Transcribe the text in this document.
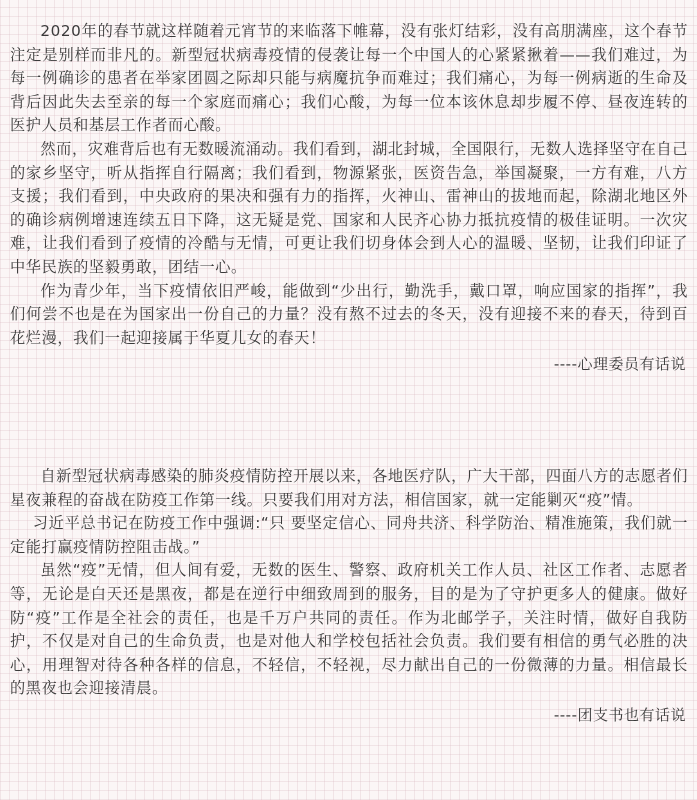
2020年的春节就这样随着元宵节的来临落下帷幕，没有张灯结彩，没有高朋满座，这个春节注定是别样而非凡的。新型冠状病毒疫情的侵袭让每一个中国人的心紧紧揪着——我们难过，为每一例确诊的患者在举家团圆之际却只能与病魔抗争而难过；我们痛心，为每一例病逝的生命及背后因此失去至亲的每一个家庭而痛心；我们心酸，为每一位本该休息却步履不停、昼夜连转的医护人员和基层工作者而心酸。

然而，灾难背后也有无数暖流涌动。我们看到，湖北封城，全国限行，无数人选择坚守在自己的家乡坚守，听从指挥自行隔离；我们看到，物源紧张，医资告急，举国凝聚，一方有难，八方支援；我们看到，中央政府的果决和强有力的指挥，火神山、雷神山的拔地而起，除湖北地区外的确诊病例增速连续五日下降，这无疑是党、国家和人民齐心协力抵抗疫情的极佳证明。一次灾难，让我们看到了疫情的冷酷与无情，可更让我们切身体会到人心的温暖、坚韧，让我们印证了中华民族的坚毅勇敢，团结一心。

作为青少年，当下疫情依旧严峻，能做到“少出行，勤洗手，戴口罩，响应国家的指挥”，我们何尝不也是在为国家出一份自己的力量？没有熬不过去的冬天，没有迎接不来的春天，待到百花烂漫，我们一起迎接属于华夏儿女的春天！

----心理委员有话说

自新型冠状病毒感染的肺炎疫情防控开展以来，各地医疗队，广大干部，四面八方的志愿者们星夜兼程的奋战在防疫工作第一线。只要我们用对方法，相信国家，就一定能剿灭“疫”情。

习近平总书记在防疫工作中强调:“只 要坚定信心、同舟共济、科学防治、精准施策，我们就一定能打赢疫情防控阻击战。”

虽然“疫”无情，但人间有爱，无数的医生、警察、政府机关工作人员、社区工作者、志愿者等，无论是白天还是黑夜，都是在逆行中细致周到的服务，目的是为了守护更多人的健康。做好防“疫”工作是全社会的责任，也是千万户共同的责任。作为北邮学子，关注时情，做好自我防护，不仅是对自己的生命负责，也是对他人和学校包括社会负责。我们要有相信的勇气必胜的决心，用理智对待各种各样的信息，不轻信，不轻视，尽力献出自己的一份微薄的力量。相信最长的黑夜也会迎接清晨。

----团支书也有话说
